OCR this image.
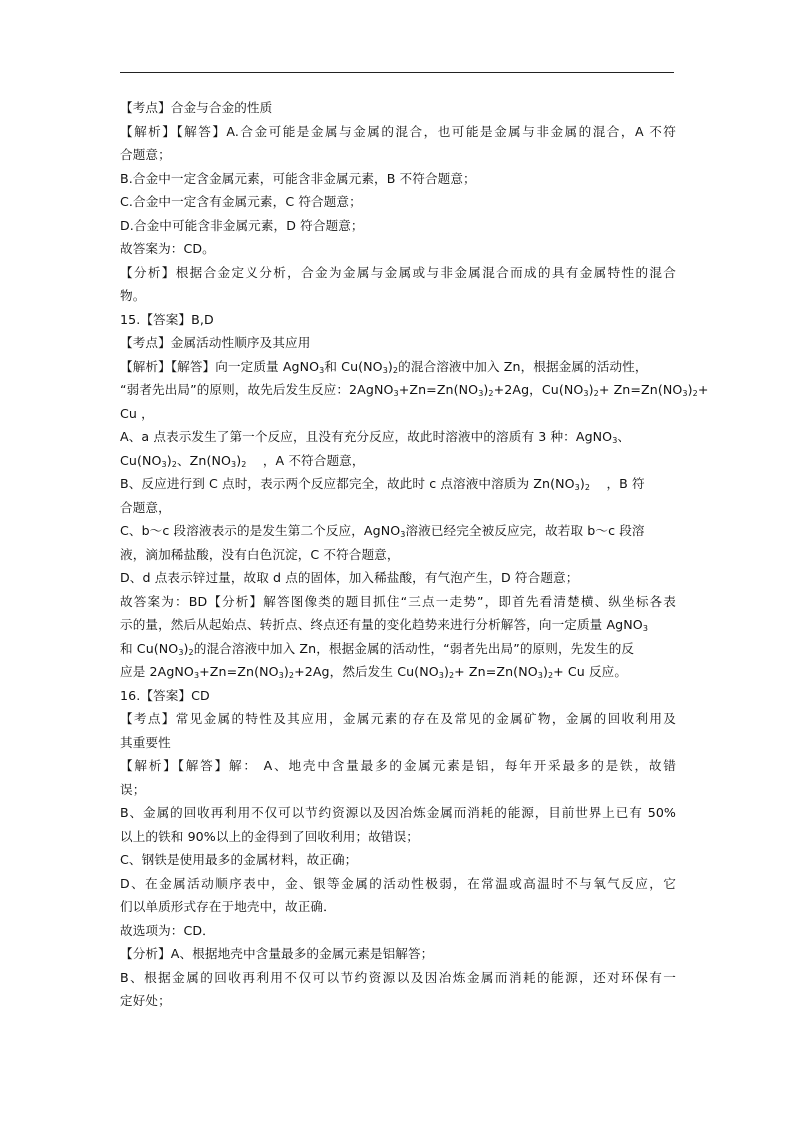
【考点】合金与合金的性质
【解析】【解答】A.合金可能是金属与金属的混合，也可能是金属与非金属的混合，A 不符
合题意；
B.合金中一定含金属元素，可能含非金属元素，B 不符合题意；
C.合金中一定含有金属元素，C 符合题意；
D.合金中可能含非金属元素，D 符合题意；
故答案为：CD。
【分析】根据合金定义分析，合金为金属与金属或与非金属混合而成的具有金属特性的混合
物。
15.【答案】B,D
【考点】金属活动性顺序及其应用
【解析】【解答】向一定质量 AgNO$_3$和 $Cu(NO_3)_2$的混合溶液中加入 Zn，根据金属的活动性，
“弱者先出局”的原则，故先后发生反应：$2AgNO_3+Zn=Zn(NO_3)_2+2Ag$，$Cu(NO_3)_2+ Zn=Zn(NO_3)_2+$
Cu ，
A、a 点表示发生了第一个反应，且没有充分反应，故此时溶液中的溶质有 3 种：AgNO$_3$、
$Cu(NO_3)_2$、$Zn(NO_3)_2$    ，A 不符合题意，
B、反应进行到 C 点时，表示两个反应都完全，故此时 c 点溶液中溶质为 $Zn(NO_3)_2$    ，B 符
合题意，
C、b～c 段溶液表示的是发生第二个反应，AgNO$_3$溶液已经完全被反应完，故若取 b～c 段溶
液，滴加稀盐酸，没有白色沉淀，C 不符合题意，
D、d 点表示锌过量，故取 d 点的固体，加入稀盐酸，有气泡产生，D 符合题意；
故答案为：BD【分析】解答图像类的题目抓住“三点一走势”，即首先看清楚横、纵坐标各表
示的量，然后从起始点、转折点、终点还有量的变化趋势来进行分析解答，向一定质量 AgNO$_3$
和 $Cu(NO_3)_2$的混合溶液中加入 Zn，根据金属的活动性，“弱者先出局”的原则，先发生的反
应是 $2AgNO_3+Zn=Zn(NO_3)_2+2Ag$，然后发生 $Cu(NO_3)_2+ Zn=Zn(NO_3)_2+ Cu$ 反应。
16.【答案】CD
【考点】常见金属的特性及其应用，金属元素的存在及常见的金属矿物，金属的回收利用及
其重要性
【解析】【解答】解： A、地壳中含量最多的金属元素是铝，每年开采最多的是铁，故错
误；
B、金属的回收再利用不仅可以节约资源以及因冶炼金属而消耗的能源，目前世界上已有 50%
以上的铁和 90%以上的金得到了回收利用；故错误；
C、钢铁是使用最多的金属材料，故正确；
D、在金属活动顺序表中，金、银等金属的活动性极弱，在常温或高温时不与氧气反应，它
们以单质形式存在于地壳中，故正确．
故选项为：CD．
【分析】A、根据地壳中含量最多的金属元素是铝解答；
B、根据金属的回收再利用不仅可以节约资源以及因冶炼金属而消耗的能源，还对环保有一
定好处；
